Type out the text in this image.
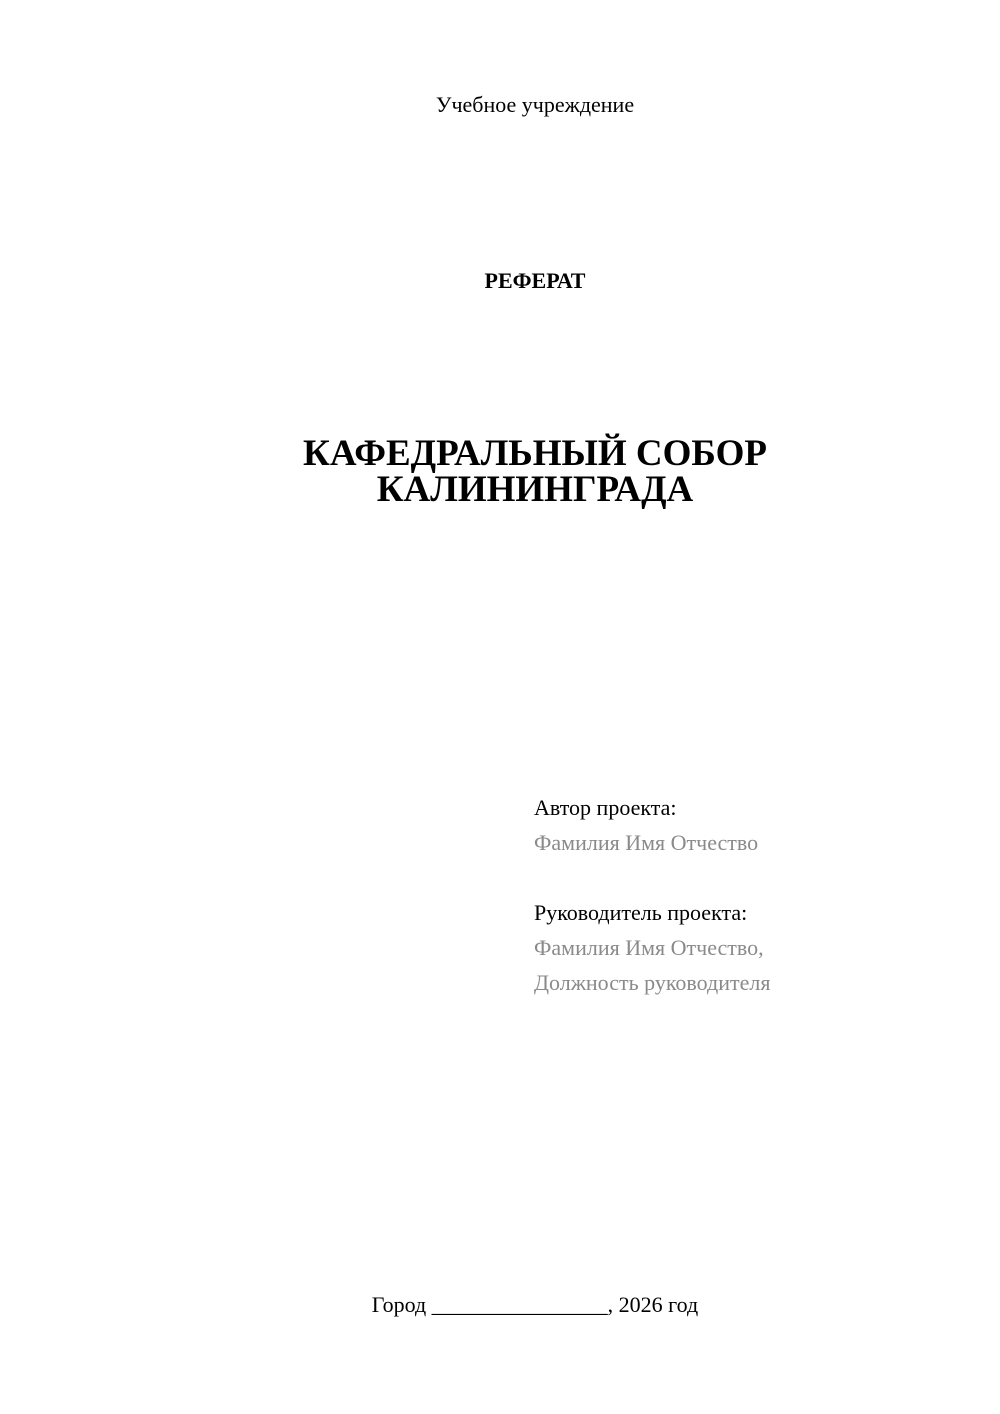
Учебное учреждение
РЕФЕРАТ
КАФЕДРАЛЬНЫЙ СОБОР
КАЛИНИНГРАДА
Автор проекта:
Фамилия Имя Отчество
Руководитель проекта:
Фамилия Имя Отчество,
Должность руководителя
Город ________________, 2026 год
